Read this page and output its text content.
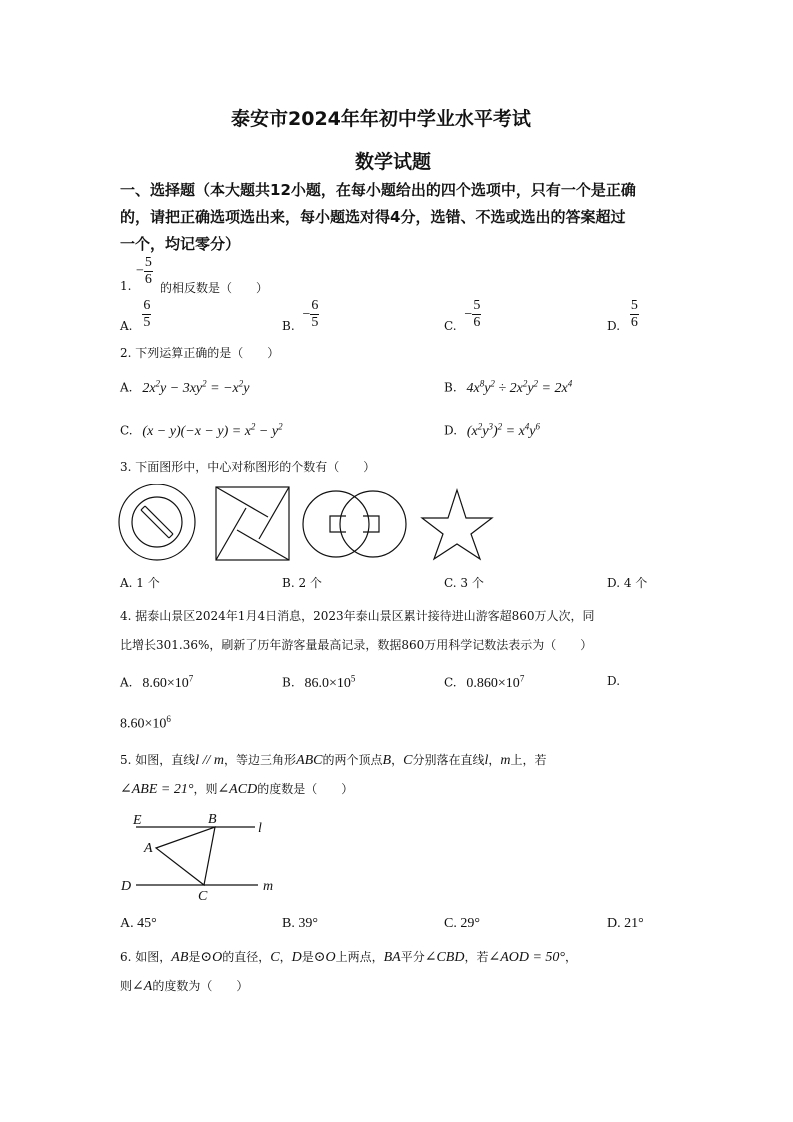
泰安市2024年年初中学业水平考试
数学试题
一、选择题（本大题共12小题，在每小题给出的四个选项中，只有一个是正确
的，请把正确选项选出来，每小题选对得4分，选错、不选或选出的答案超过
一个，均记零分）
1.
− $\frac{5}{6}$ 的相反数是（　　）
A. $\frac{6}{5}$	B. − $\frac{6}{5}$	C. − $\frac{5}{6}$	D. $\frac{5}{6}$
2. 下列运算正确的是（　　）
A. $2x^2y - 3xy^2 = -x^2y$	B. $4x^8y^2 \div 2x^2y^2 = 2x^4$
C. $(x - y)(-x - y) = x^2 - y^2$	D. $(x^2y^3)^2 = x^4y^6$
3. 下面图形中，中心对称图形的个数有（　　）
A. 1 个	B. 2 个	C. 3 个	D. 4 个
4. 据泰山景区2024年1月4日消息，2023年泰山景区累计接待进山游客超860万人次，同
比增长301.36%，刷新了历年游客量最高记录，数据860万用科学记数法表示为（　　）
A. $8.60\times 10^7$	B. $86.0\times 10^5$	C. $0.860\times 10^7$	D.
$8.60\times 10^6$
5. 如图，直线l // m，等边三角形ABC的两个顶点B，C分别落在直线l，m上，若
∠ABE = 21°，则∠ACD的度数是（　　）
E	B
l
A
D
C
m
A. 45°	B. 39°	C. 29°	D. 21°
6. 如图，AB是⊙O的直径，C，D是⊙O上两点，BA平分∠CBD，若∠AOD = 50°，
则∠A的度数为（　　）
